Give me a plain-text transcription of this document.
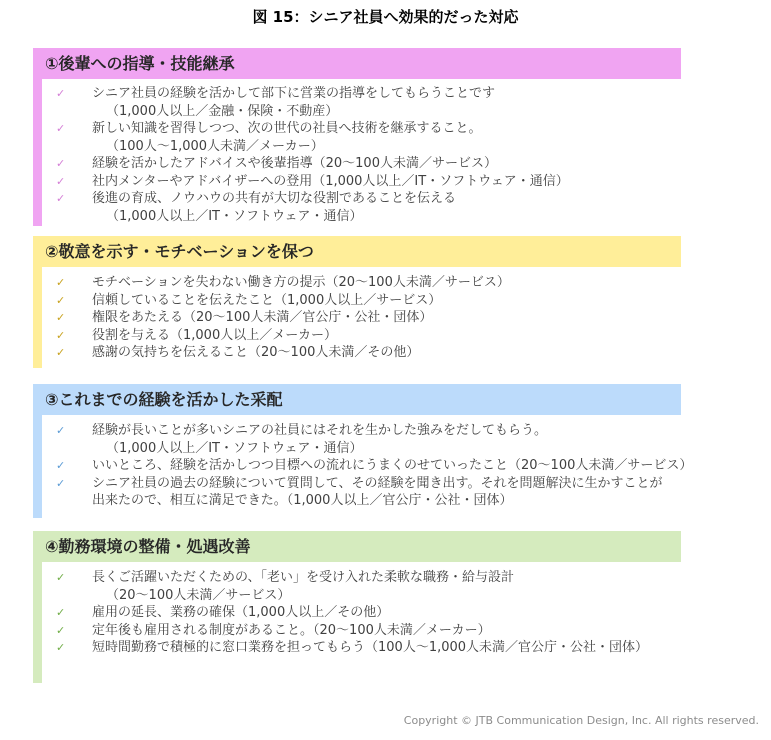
図 15：シニア社員へ効果的だった対応
①後輩への指導・技能継承
✓ シニア社員の経験を活かして部下に営業の指導をしてもらうことです
（1,000人以上／金融・保険・不動産）
✓ 新しい知識を習得しつつ、次の世代の社員へ技術を継承すること。
（100人～1,000人未満／メーカー）
✓ 経験を活かしたアドバイスや後輩指導（20～100人未満／サービス）
✓ 社内メンターやアドバイザーへの登用（1,000人以上／IT・ソフトウェア・通信）
✓ 後進の育成、ノウハウの共有が大切な役割であることを伝える
（1,000人以上／IT・ソフトウェア・通信）
②敬意を示す・モチベーションを保つ
✓ モチベーションを失わない働き方の提示（20～100人未満／サービス）
✓ 信頼していることを伝えたこと（1,000人以上／サービス）
✓ 権限をあたえる（20～100人未満／官公庁・公社・団体）
✓ 役割を与える（1,000人以上／メーカー）
✓ 感謝の気持ちを伝えること（20～100人未満／その他）
③これまでの経験を活かした采配
✓ 経験が長いことが多いシニアの社員にはそれを生かした強みをだしてもらう。
（1,000人以上／IT・ソフトウェア・通信）
✓ いいところ、経験を活かしつつ目標への流れにうまくのせていったこと（20～100人未満／サービス）
✓ シニア社員の過去の経験について質問して、その経験を聞き出す。それを問題解決に生かすことが
出来たので、相互に満足できた。（1,000人以上／官公庁・公社・団体）
④勤務環境の整備・処遇改善
✓ 長くご活躍いただくための、「老い」を受け入れた柔軟な職務・給与設計
（20～100人未満／サービス）
✓ 雇用の延長、業務の確保（1,000人以上／その他）
✓ 定年後も雇用される制度があること。（20～100人未満／メーカー）
✓ 短時間勤務で積極的に窓口業務を担ってもらう（100人～1,000人未満／官公庁・公社・団体）
Copyright © JTB Communication Design, Inc. All rights reserved.
